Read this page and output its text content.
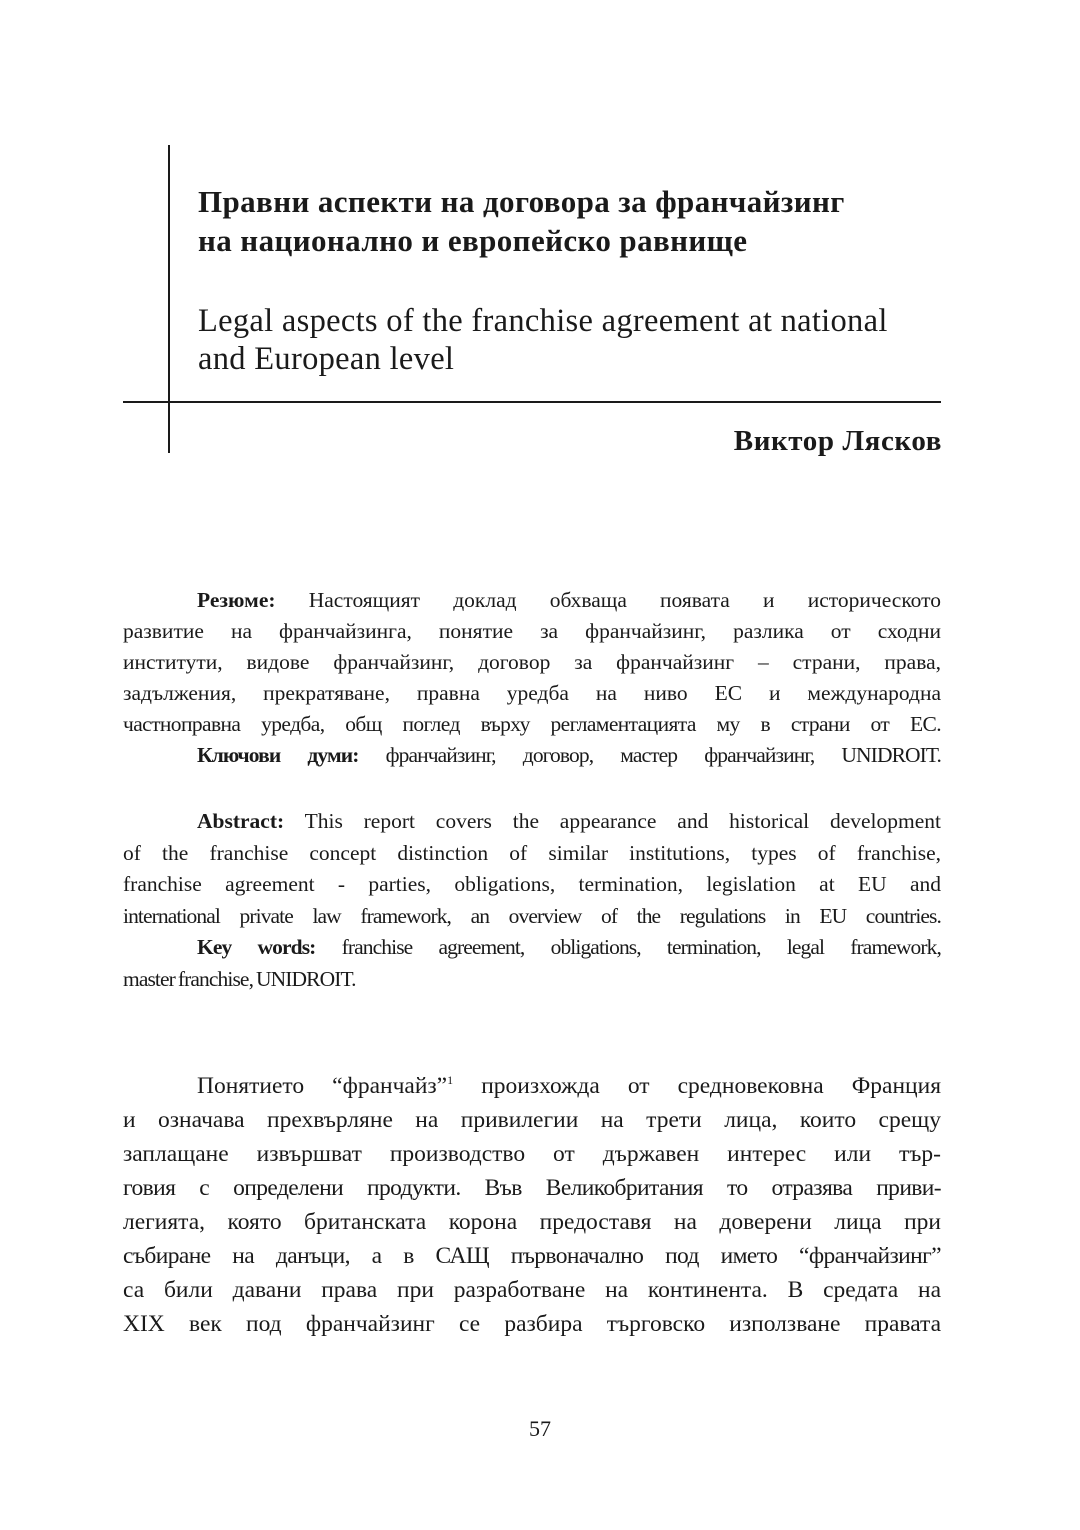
Правни аспекти на договора за франчайзинг
на национално и европейско равнище
Legal aspects of the franchise agreement at national
and European level
Виктор Лясков
Резюме: Настоящият доклад обхваща появата и историческото
развитие на франчайзинга, понятие за франчайзинг, разлика от сходни
институти, видове франчайзинг, договор за франчайзинг – страни, права,
задължения, прекратяване, правна уредба на ниво ЕС и международна
частноправна уредба, общ поглед върху регламентацията му в страни от ЕС.
Ключови думи: франчайзинг, договор, мастер франчайзинг, UNIDROIT.
Abstract: This report covers the appearance and historical development
of the franchise concept distinction of similar institutions, types of franchise,
franchise agreement - parties, obligations, termination, legislation at EU and
international private law framework, an overview of the regulations in EU countries.
Key words: franchise agreement, obligations, termination, legal framework,
master franchise, UNIDROIT.
Понятието “франчайз”$^1$ произхожда от средновековна Франция
и означава прехвърляне на привилегии на трети лица, които срещу
заплащане извършват производство от държавен интерес или тър-
говия с определени продукти. Във Великобритания то отразява приви-
легията, която британската корона предоставя на доверени лица при
събиране на данъци, а в САЩ първоначално под името “франчайзинг”
са били давани права при разработване на континента. В средата на
XIX век под франчайзинг се разбира търговско използване правата
57
